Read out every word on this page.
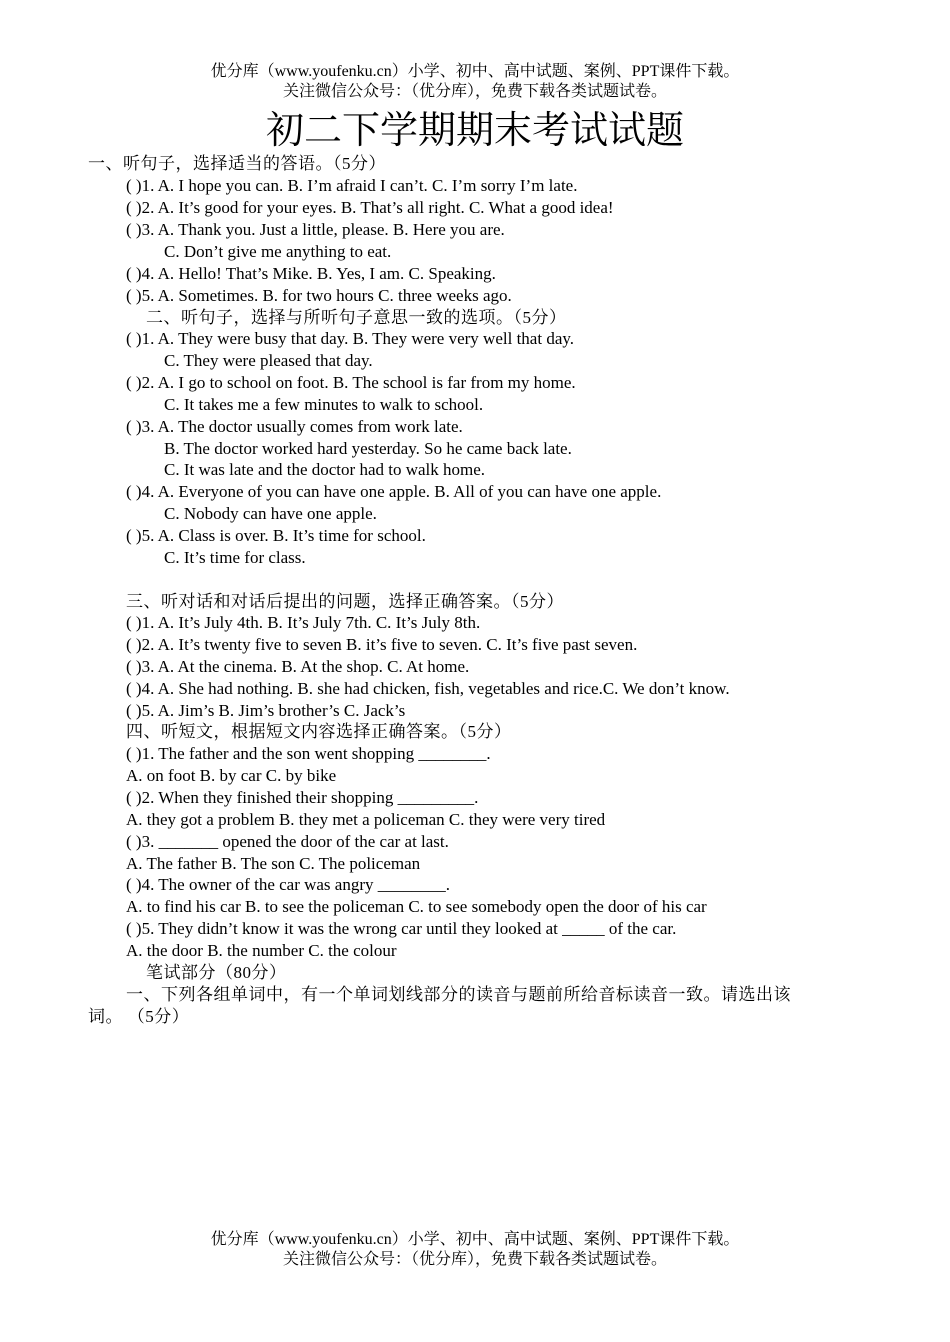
优分库（www.youfenku.cn）小学、初中、高中试题、案例、PPT课件下载。
关注微信公众号：（优分库），免费下载各类试题试卷。
初二下学期期末考试试题
一、听句子，选择适当的答语。（5分）
( )1. A. I hope you can. B. I’m afraid I can’t. C. I’m sorry I’m late.
( )2. A. It’s good for your eyes. B. That’s all right. C. What a good idea!
( )3. A. Thank you. Just a little, please. B. Here you are.
C. Don’t give me anything to eat.
( )4. A. Hello! That’s Mike. B. Yes, I am. C. Speaking.
( )5. A. Sometimes. B. for two hours C. three weeks ago.
二、听句子，选择与所听句子意思一致的选项。（5分）
( )1. A. They were busy that day. B. They were very well that day.
C. They were pleased that day.
( )2. A. I go to school on foot. B. The school is far from my home.
C. It takes me a few minutes to walk to school.
( )3. A. The doctor usually comes from work late.
B. The doctor worked hard yesterday. So he came back late.
C. It was late and the doctor had to walk home.
( )4. A. Everyone of you can have one apple. B. All of you can have one apple.
C. Nobody can have one apple.
( )5. A. Class is over. B. It’s time for school.
C. It’s time for class.
三、听对话和对话后提出的问题，选择正确答案。（5分）
( )1. A. It’s July 4th. B. It’s July 7th. C. It’s July 8th.
( )2. A. It’s twenty five to seven B. it’s five to seven. C. It’s five past seven.
( )3. A. At the cinema. B. At the shop. C. At home.
( )4. A. She had nothing. B. she had chicken, fish, vegetables and rice.C. We don’t know.
( )5. A. Jim’s B. Jim’s brother’s C. Jack’s
四、听短文，根据短文内容选择正确答案。（5分）
( )1. The father and the son went shopping ________.
A. on foot B. by car C. by bike
( )2. When they finished their shopping _________.
A. they got a problem B. they met a policeman C. they were very tired
( )3. _______ opened the door of the car at last.
A. The father B. The son C. The policeman
( )4. The owner of the car was angry ________.
A. to find his car B. to see the policeman C. to see somebody open the door of his car
( )5. They didn’t know it was the wrong car until they looked at _____ of the car.
A. the door B. the number C. the colour
笔试部分（80分）
一、下列各组单词中，有一个单词划线部分的读音与题前所给音标读音一致。请选出该
词。 （5分）
优分库（www.youfenku.cn）小学、初中、高中试题、案例、PPT课件下载。
关注微信公众号：（优分库），免费下载各类试题试卷。
